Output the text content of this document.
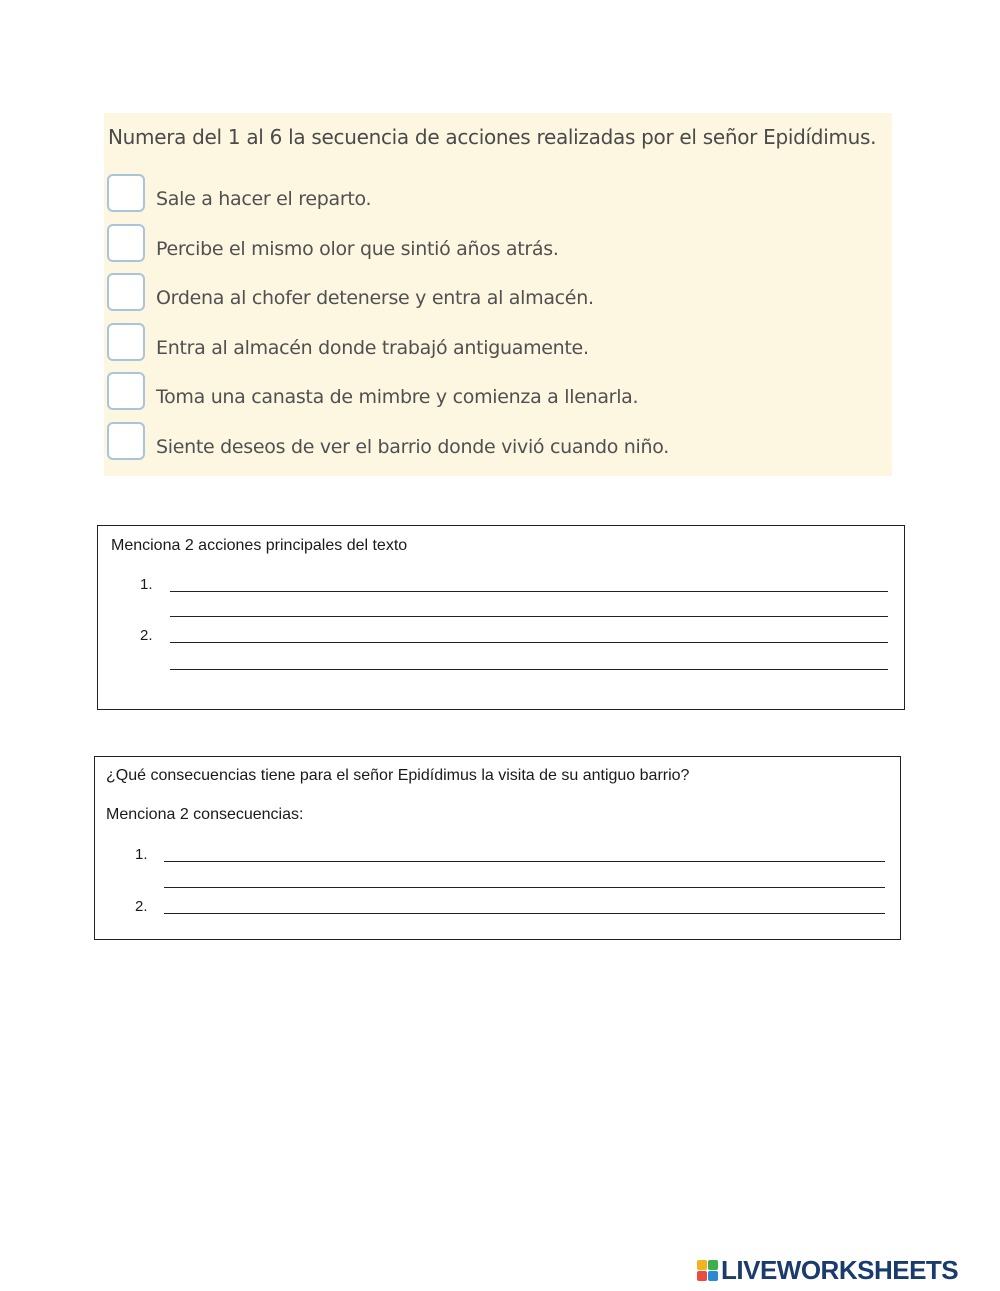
Numera del 1 al 6 la secuencia de acciones realizadas por el señor Epidídimus.
Sale a hacer el reparto.
Percibe el mismo olor que sintió años atrás.
Ordena al chofer detenerse y entra al almacén.
Entra al almacén donde trabajó antiguamente.
Toma una canasta de mimbre y comienza a llenarla.
Siente deseos de ver el barrio donde vivió cuando niño.
Menciona 2 acciones principales del texto
1.
2.
¿Qué consecuencias tiene para el señor Epidídimus la visita de su antiguo barrio?
Menciona 2 consecuencias:
1.
2.
LIVEWORKSHEETS
